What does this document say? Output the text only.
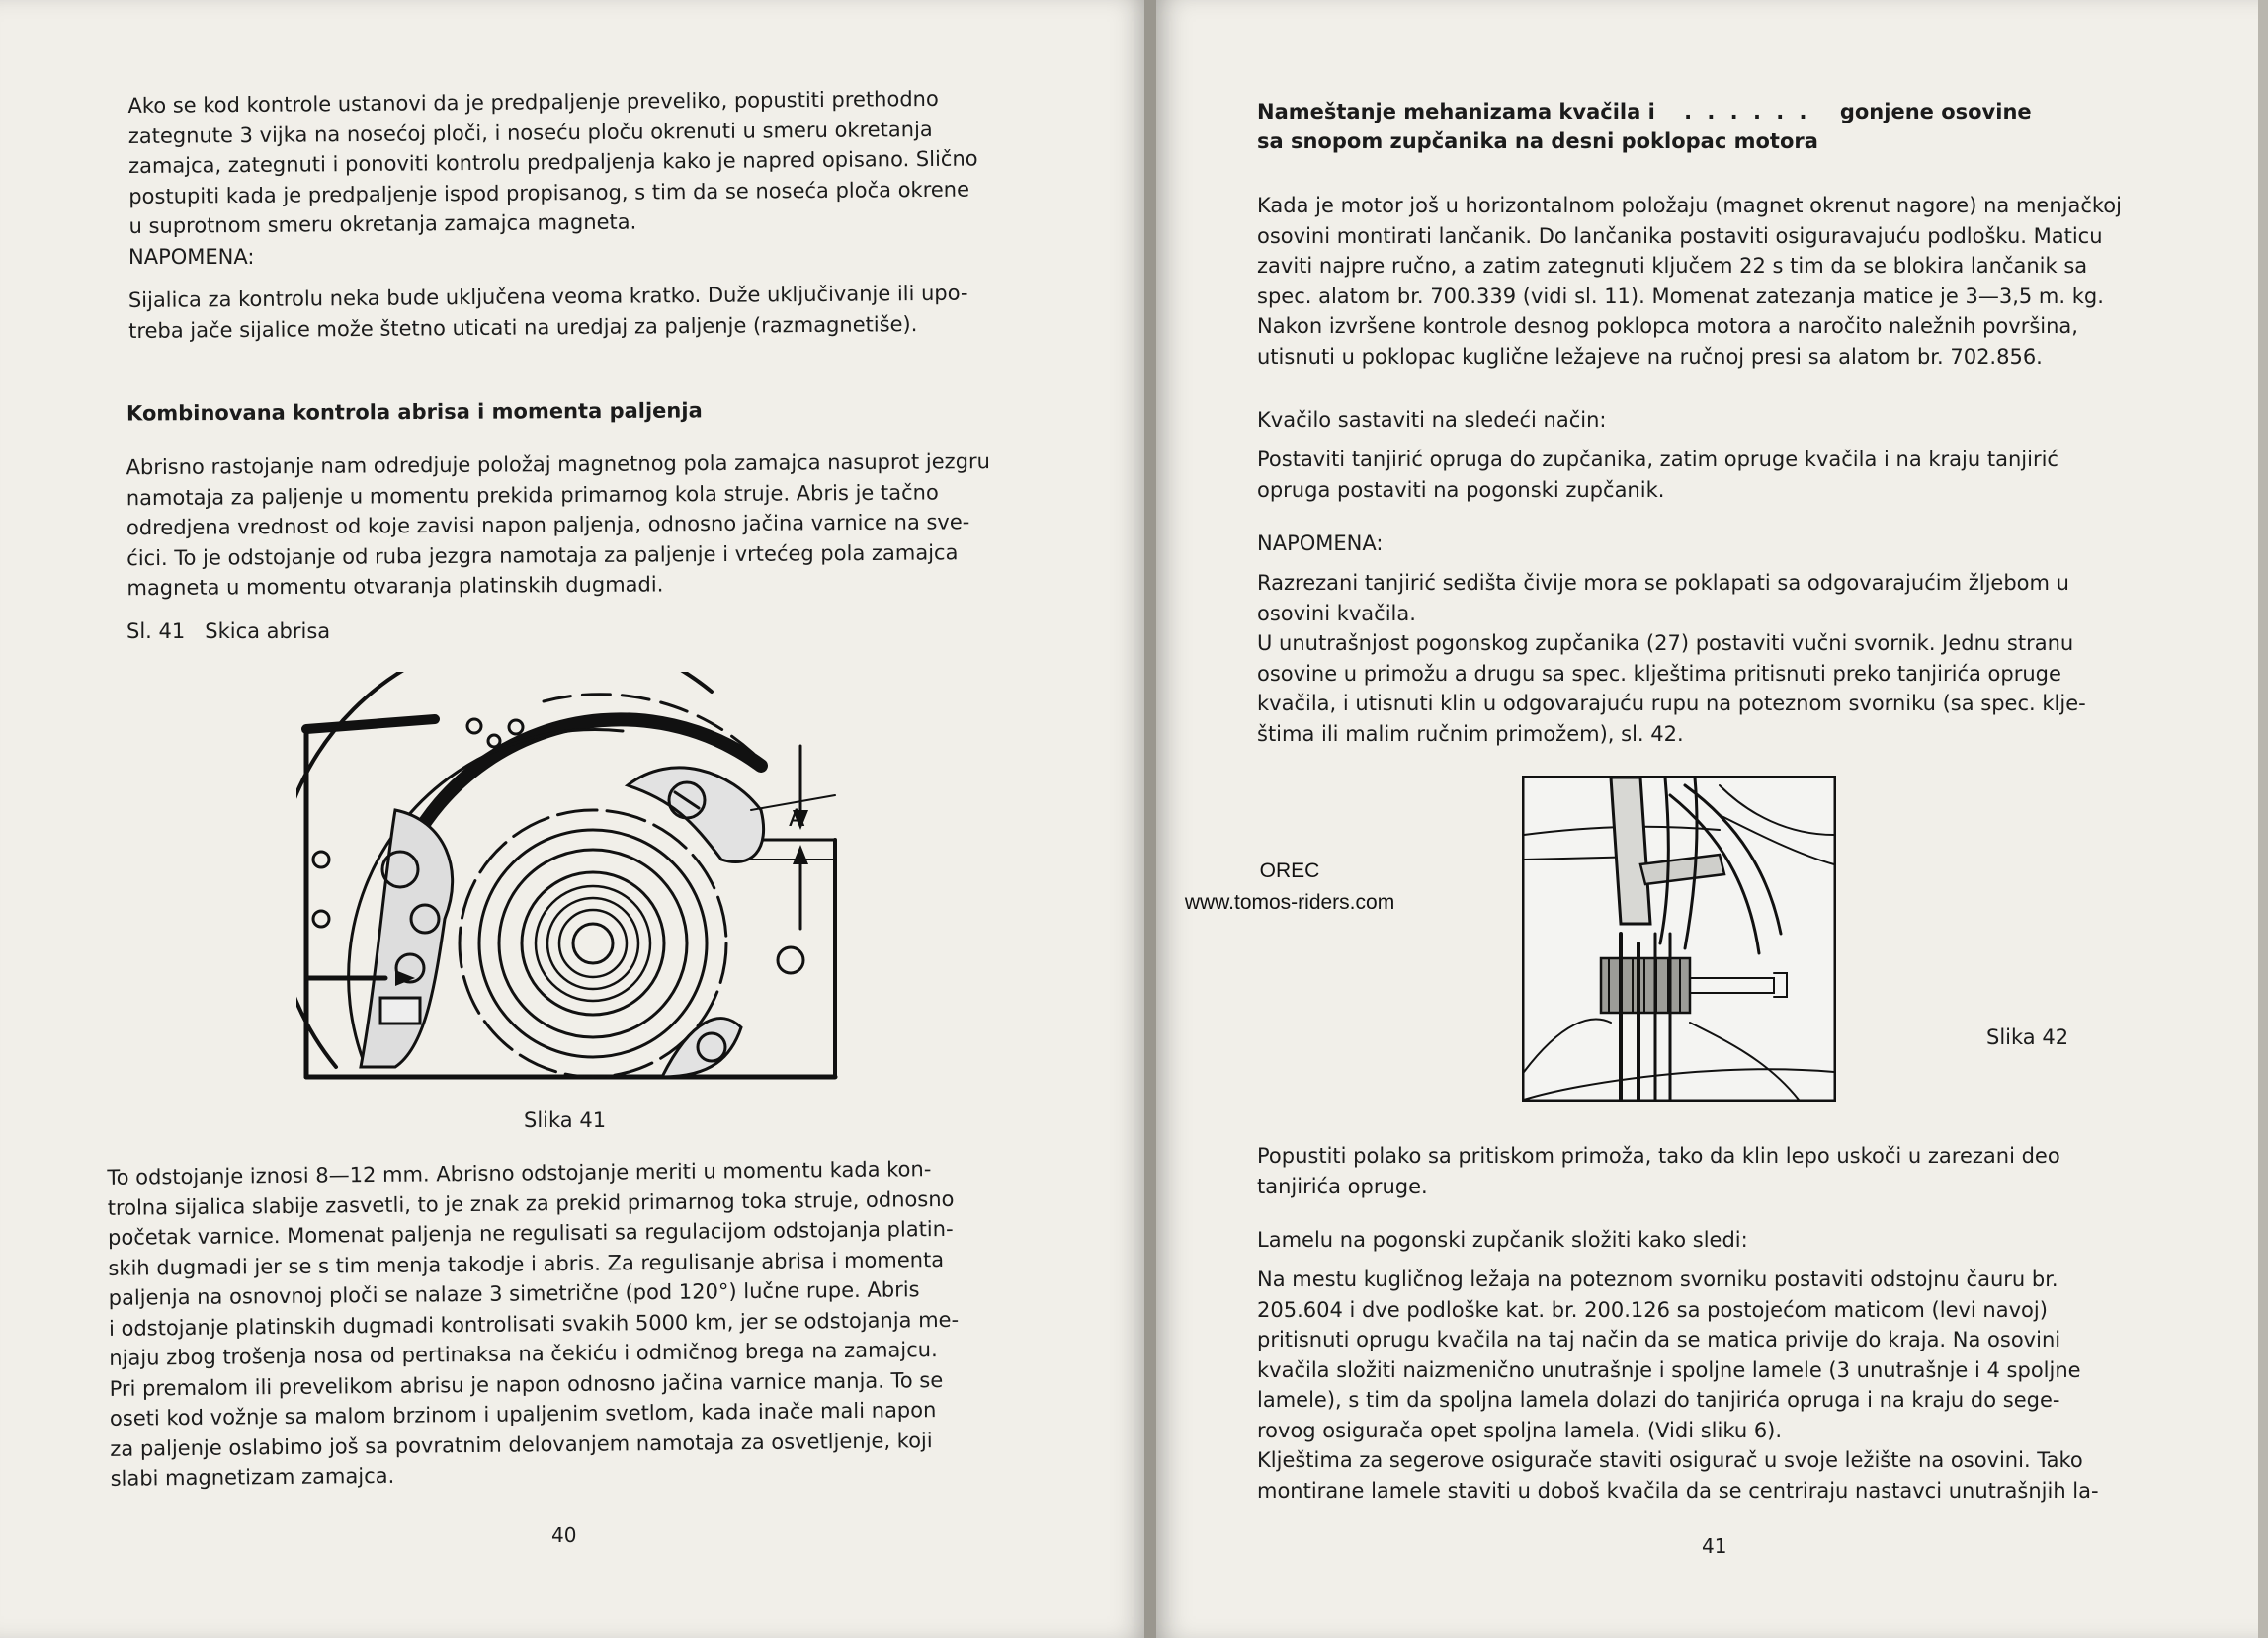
Ako se kod kontrole ustanovi da je predpaljenje preveliko, popustiti prethodno
zategnute 3 vijka na nosećoj ploči, i noseću ploču okrenuti u smeru okretanja
zamajca, zategnuti i ponoviti kontrolu predpaljenja kako je napred opisano. Slično
postupiti kada je predpaljenje ispod propisanog, s tim da se noseća ploča okrene
u suprotnom smeru okretanja zamajca magneta.
NAPOMENA:
Sijalica za kontrolu neka bude uključena veoma kratko. Duže uključivanje ili upo-
treba jače sijalice može štetno uticati na uredjaj za paljenje (razmagnetiše).
Kombinovana kontrola abrisa i momenta paljenja
Abrisno rastojanje nam odredjuje položaj magnetnog pola zamajca nasuprot jezgru
namotaja za paljenje u momentu prekida primarnog kola struje. Abris je tačno
odredjena vrednost od koje zavisi napon paljenja, odnosno jačina varnice na sve-
ćici. To je odstojanje od ruba jezgra namotaja za paljenje i vrtećeg pola zamajca
magneta u momentu otvaranja platinskih dugmadi.
Sl. 41   Skica abrisa
A
Slika 41
To odstojanje iznosi 8—12 mm. Abrisno odstojanje meriti u momentu kada kon-
trolna sijalica slabije zasvetli, to je znak za prekid primarnog toka struje, odnosno
početak varnice. Momenat paljenja ne regulisati sa regulacijom odstojanja platin-
skih dugmadi jer se s tim menja takodje i abris. Za regulisanje abrisa i momenta
paljenja na osnovnoj ploči se nalaze 3 simetrične (pod 120°) lučne rupe. Abris
i odstojanje platinskih dugmadi kontrolisati svakih 5000 km, jer se odstojanja me-
njaju zbog trošenja nosa od pertinaksa na čekiću i odmičnog brega na zamajcu.
Pri premalom ili prevelikom abrisu je napon odnosno jačina varnice manja. To se
oseti kod vožnje sa malom brzinom i upaljenim svetlom, kada inače mali napon
za paljenje oslabimo još sa povratnim delovanjem namotaja za osvetljenje, koji
slabi magnetizam zamajca.
40
Nameštanje mehanizama kvačila i . . . . . . gonjene osovine
sa snopom zupčanika na desni poklopac motora
Kada je motor još u horizontalnom položaju (magnet okrenut nagore) na menjačkoj
osovini montirati lančanik. Do lančanika postaviti osiguravajuću podlošku. Maticu
zaviti najpre ručno, a zatim zategnuti ključem 22 s tim da se blokira lančanik sa
spec. alatom br. 700.339 (vidi sl. 11). Momenat zatezanja matice je 3—3,5 m. kg.
Nakon izvršene kontrole desnog poklopca motora a naročito naležnih površina,
utisnuti u poklopac kuglične ležajeve na ručnoj presi sa alatom br. 702.856.
Kvačilo sastaviti na sledeći način:
Postaviti tanjirić opruga do zupčanika, zatim opruge kvačila i na kraju tanjirić
opruga postaviti na pogonski zupčanik.
NAPOMENA:
Razrezani tanjirić sedišta čivije mora se poklapati sa odgovarajućim žljebom u
osovini kvačila.
U unutrašnjost pogonskog zupčanika (27) postaviti vučni svornik. Jednu stranu
osovine u primožu a drugu sa spec. klještima pritisnuti preko tanjirića opruge
kvačila, i utisnuti klin u odgovarajuću rupu na poteznom svorniku (sa spec. klje-
štima ili malim ručnim primožem), sl. 42.
Slika 42
Popustiti polako sa pritiskom primoža, tako da klin lepo uskoči u zarezani deo
tanjirića opruge.
Lamelu na pogonski zupčanik složiti kako sledi:
Na mestu kugličnog ležaja na poteznom svorniku postaviti odstojnu čauru br.
205.604 i dve podloške kat. br. 200.126 sa postojećom maticom (levi navoj)
pritisnuti oprugu kvačila na taj način da se matica privije do kraja. Na osovini
kvačila složiti naizmenično unutrašnje i spoljne lamele (3 unutrašnje i 4 spoljne
lamele), s tim da spoljna lamela dolazi do tanjirića opruga i na kraju do sege-
rovog osigurača opet spoljna lamela. (Vidi sliku 6).
Klještima za segerove osigurače staviti osigurač u svoje ležište na osovini. Tako
montirane lamele staviti u doboš kvačila da se centriraju nastavci unutrašnjih la-
41
OREC
www.tomos-riders.com
